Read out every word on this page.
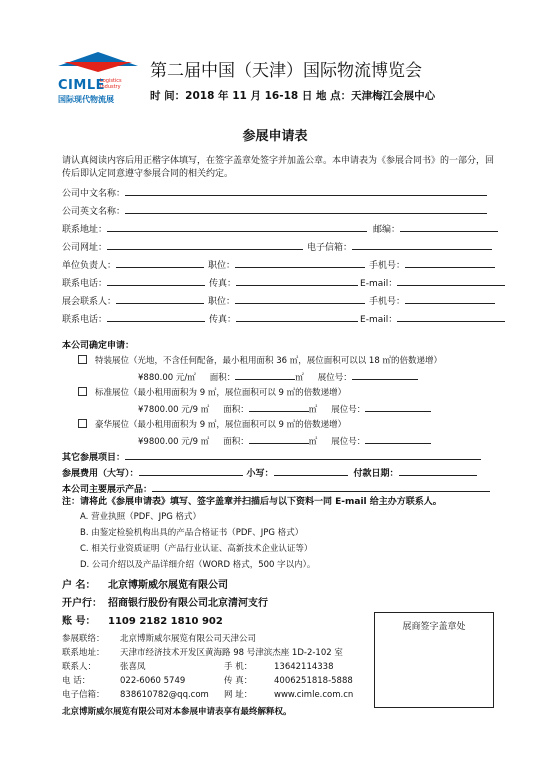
CIMLE
Logistics Industry
国际现代物流展
第二届中国（天津）国际物流博览会
时 间：2018 年 11 月 16-18 日 地 点：天津梅江会展中心
参展申请表
请认真阅读内容后用正楷字体填写，在签字盖章处签字并加盖公章。本申请表为《参展合同书》的一部分，回传后即认定同意遵守参展合同的相关约定。
公司中文名称：
公司英文名称：
联系地址：	邮编：
公司网址：	电子信箱：
单位负责人：	职位：	手机号：
联系电话：	传真：	E-mail：
展会联系人：	职位：	手机号：
联系电话：	传真：	E-mail：
本公司确定申请：
特装展位（光地，不含任何配备，最小租用面积 36 ㎡，展位面积可以以 18 ㎡的倍数递增）
¥880.00 元/㎡ 面积：	㎡ 展位号：
标准展位（最小租用面积为 9 ㎡，展位面积可以 9 ㎡的倍数递增）
¥7800.00 元/9 ㎡ 面积：	㎡ 展位号：
豪华展位（最小租用面积为 9 ㎡，展位面积可以 9 ㎡的倍数递增）
¥9800.00 元/9 ㎡ 面积：	㎡ 展位号：
其它参展项目：
参展费用（大写）：	小写：	付款日期：
本公司主要展示产品：
注：请将此《参展申请表》填写、签字盖章并扫描后与以下资料一同 E-mail 给主办方联系人。
A. 营业执照（PDF、JPG 格式）
B. 由鉴定检验机构出具的产品合格证书（PDF、JPG 格式）
C. 相关行业资质证明（产品行业认证、高新技术企业认证等）
D. 公司介绍以及产品详细介绍（WORD 格式，500 字以内）。
户 名： 北京博斯威尔展览有限公司
开户行： 招商银行股份有限公司北京清河支行
账 号： 1109 2182 1810 902
参展联络： 北京博斯威尔展览有限公司天津公司
联系地址： 天津市经济技术开发区黄海路 98 号津滨杰座 1D-2-102 室
联系人：	张喜凤	手 机：	13642114338
电 话：	022-6060 5749	传 真：	4006251818-5888
电子信箱： 838610782@qq.com 网 址：	www.cimle.com.cn
展商签字盖章处
北京博斯威尔展览有限公司对本参展申请表享有最终解释权。
